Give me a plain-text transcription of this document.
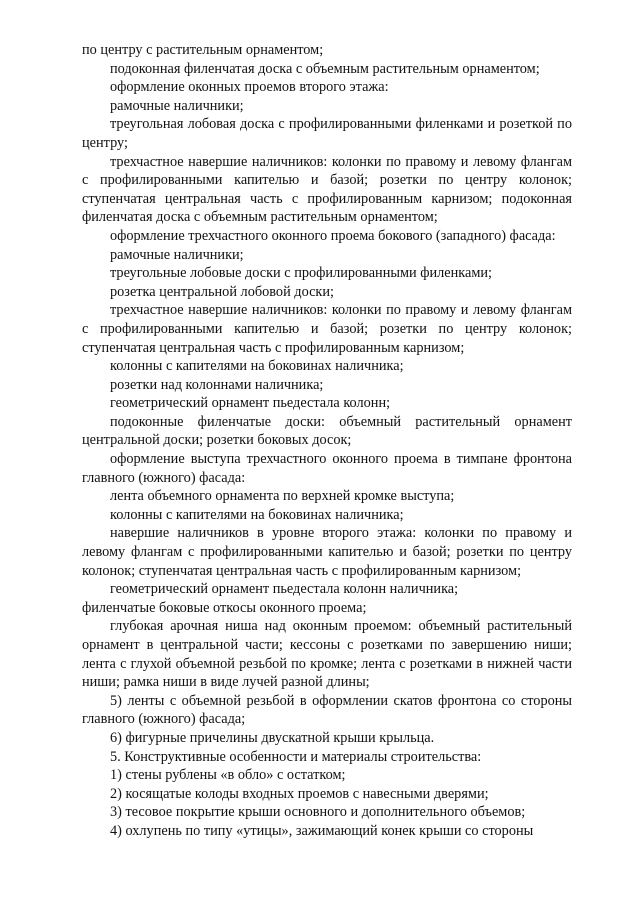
по центру с растительным орнаментом;

подоконная филенчатая доска с объемным растительным орнаментом;

оформление оконных проемов второго этажа:

рамочные наличники;

треугольная лобовая доска с профилированными филенками и розеткой по центру;

трехчастное навершие наличников: колонки по правому и левому флангам с профилированными капителью и базой; розетки по центру колонок; ступенчатая центральная часть с профилированным карнизом; подоконная филенчатая доска с объемным растительным орнаментом;

оформление трехчастного оконного проема бокового (западного) фасада:

рамочные наличники;

треугольные лобовые доски с профилированными филенками;

розетка центральной лобовой доски;

трехчастное навершие наличников: колонки по правому и левому флангам с профилированными капителью и базой; розетки по центру колонок; ступенчатая центральная часть с профилированным карнизом;

колонны с капителями на боковинах наличника;

розетки над колоннами наличника;

геометрический орнамент пьедестала колонн;

подоконные филенчатые доски: объемный растительный орнамент центральной доски; розетки боковых досок;

оформление выступа трехчастного оконного проема в тимпане фронтона главного (южного) фасада:

лента объемного орнамента по верхней кромке выступа;

колонны с капителями на боковинах наличника;

навершие наличников в уровне второго этажа: колонки по правому и левому флангам с профилированными капителью и базой; розетки по центру колонок; ступенчатая центральная часть с профилированным карнизом;

геометрический орнамент пьедестала колонн наличника;

филенчатые боковые откосы оконного проема;

глубокая арочная ниша над оконным проемом: объемный растительный орнамент в центральной части; кессоны с розетками по завершению ниши; лента с глухой объемной резьбой по кромке; лента с розетками в нижней части ниши; рамка ниши в виде лучей разной длины;

5) ленты с объемной резьбой в оформлении скатов фронтона со стороны главного (южного) фасада;

6) фигурные причелины двускатной крыши крыльца.

5. Конструктивные особенности и материалы строительства:

1) стены рублены «в обло» с остатком;

2) косящатые колоды входных проемов с навесными дверями;

3) тесовое покрытие крыши основного и дополнительного объемов;

4) охлупень по типу «утицы», зажимающий конек крыши со стороны
